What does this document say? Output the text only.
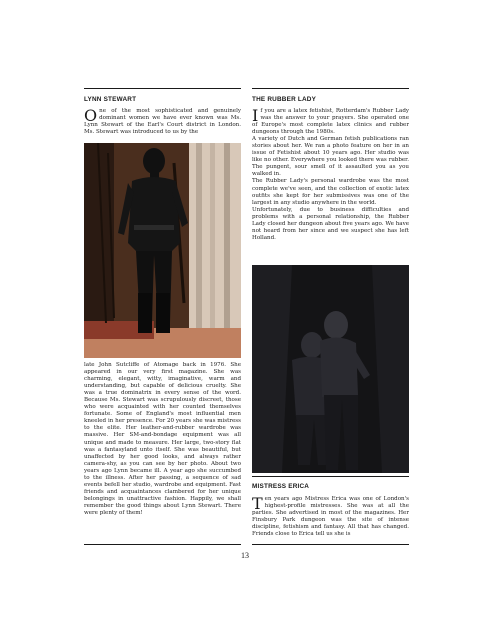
LYNN STEWART
One of the most sophisticated and genuinely dominant women we have ever known was Ms. Lynn Stewart of the Earl's Court district in London. Ms. Stewart was introduced to us by the
late John Sutcliffe of Atomage back in 1976. She appeared in our very first magazine. She was charming, elegant, witty, imaginative, warm and understanding, but capable of delicious cruelty. She was a true dominatrix in every sense of the word. Because Ms. Stewart was scrupulously discreet, those who were acquainted with her counted themselves fortunate. Some of England's most influential men kneeled in her presence. For 20 years she was mistress to the elite. Her leather-and-rubber wardrobe was massive. Her SM-and-bondage equipment was all unique and made to measure. Her large, two-story flat was a fantasyland unto itself. She was beautiful, but unaffected by her good looks, and always rather camera-shy, as you can see by her photo. About two years ago Lynn became ill. A year ago she succumbed to the illness. After her passing, a sequence of sad events befell her studio, wardrobe and equipment. Fast friends and acquaintances clambered for her unique belongings in unattractive fashion. Happily, we shall remember the good things about Lynn Stewart. There were plenty of them!
THE RUBBER LADY
If you are a latex fetishist, Rotterdam's Rubber Lady was the answer to your prayers. She operated one of Europe's most complete latex clinics and rubber dungeons through the 1980s.
A variety of Dutch and German fetish publications ran stories about her. We ran a photo feature on her in an issue of Fetishist about 10 years ago. Her studio was like no other. Everywhere you looked there was rubber. The pungent, sour smell of it assaulted you as you walked in.
The Rubber Lady's personal wardrobe was the most complete we've seen, and the collection of exotic latex outfits she kept for her submissives was one of the largest in any studio anywhere in the world.
Unfortunately, due to business difficulties and problems with a personal relationship, the Rubber Lady closed her dungeon about five years ago. We have not heard from her since and we suspect she has left Holland.
MISTRESS ERICA
Ten years ago Mistress Erica was one of London's highest-profile mistresses. She was at all the parties. She advertised in most of the magazines. Her Finsbury Park dungeon was the site of intense discipline, fetishism and fantasy. All that has changed. Friends close to Erica tell us she is
13
